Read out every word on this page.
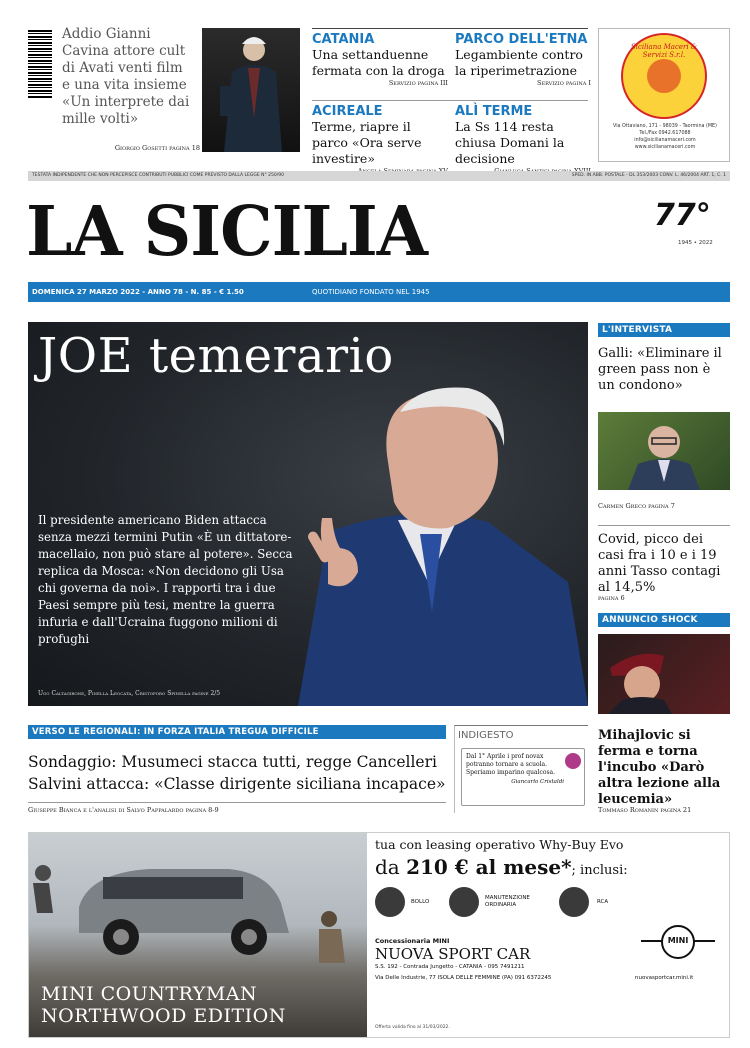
Addio Gianni Cavina attore cult di Avati venti film e una vita insieme «Un interprete dai mille volti»
Giorgio Gosetti pagina 18
CATANIA
Una settanduenne fermata con la droga
Servizio pagina III
PARCO DELL'ETNA
Legambiente contro la riperimetrazione
Servizio pagina I
ACIREALE
Terme, riapre il parco «Ora serve investire»
ALÌ TERME
La Ss 114 resta chiusa Domani la decisione
Siciliana Maceri & Servizi S.r.l.
Via Ottaviano, 171 - 98039 - Taormina (ME)
Tel./Fax 0942.617088
info@sicilianamaceri.com
www.sicilianamaceri.com
TESTATA INDIPENDENTE CHE NON PERCEPISCE CONTRIBUTI PUBBLICI COME PREVISTO DALLA LEGGE N° 250/90	SPED. IN ABB. POSTALE - DL 353/2003 CONV. L. 46/2004 ART. 1, C. 1
LA SICILIA	77°
1945 • 2022
DOMENICA 27 MARZO 2022 - ANNO 78 - N. 85 - € 1.50	QUOTIDIANO FONDATO NEL 1945
JOE temerario
Il presidente americano Biden attacca senza mezzi termini Putin «È un dittatore-macellaio, non può stare al potere». Secca replica da Mosca: «Non decidono gli Usa chi governa da noi». I rapporti tra i due Paesi sempre più tesi, mentre la guerra infuria e dall'Ucraina fuggono milioni di profughi
Ugo Caltagirone, Pinella Leocata, Cristoforo Spinella pagine 2/5
L'INTERVISTA
Galli: «Eliminare il green pass non è un condono»
Carmen Greco pagina 7
Covid, picco dei casi fra i 10 e i 19 anni Tasso contagi al 14,5%
pagina 6
ANNUNCIO SHOCK
Mihajlovic si ferma e torna l'incubo «Darò altra lezione alla leucemia»
Tommaso Romanin pagina 21
VERSO LE REGIONALI: IN FORZA ITALIA TREGUA DIFFICILE
Sondaggio: Musumeci stacca tutti, regge Cancelleri
Salvini attacca: «Classe dirigente siciliana incapace»
Giuseppe Bianca e l'analisi di Salvo Pappalardo pagina 8-9
INDIGESTO
Dal 1° Aprile i prof novax potranno tornare a scuola. Speriamo imparino qualcosa.
Giancarlo Cristaldi
MINI COUNTRYMAN
NORTHWOOD EDITION
tua con leasing operativo Why-Buy Evo
da 210 € al mese*; inclusi:
BOLLO
MANUTENZIONE ORDINARIA	RCA
Concessionaria MINI
NUOVA SPORT CAR
S.S. 192 - Contrada Jungetto - CATANIA - 095 7491211
Via Delle Industrie, 77 ISOLA DELLE FEMMINE (PA) 091 6372245	nuovasportcar.mini.it
MINI
Offerta valida fino al 31/03/2022.
